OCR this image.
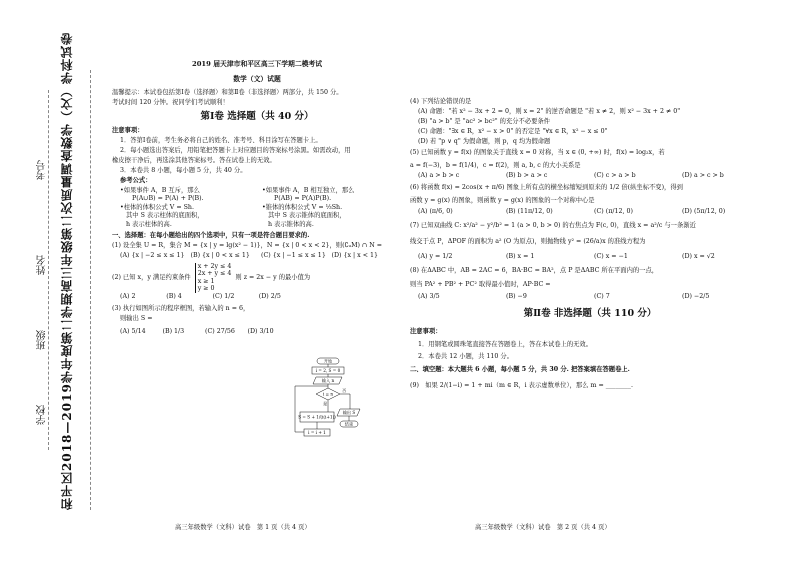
和平区2018—2019学年度第二学期高三年级第二次质量调查数学（文）学科试卷
学校
班级
姓名
考号
2019 届天津市和平区高三下学期二模考试
数学（文）试题

温馨提示：本试卷包括第Ⅰ卷（选择题）和第Ⅱ卷（非选择题）两部分，共 150 分。

考试时间 120 分钟。祝同学们考试顺利！

第Ⅰ卷 选择题（共 40 分）

注意事项：

1．答第Ⅰ卷前，考生务必将自己的姓名、准考号、科目涂写在答题卡上。

2．每小题选出答案后，用铅笔把答题卡上对应题目的答案标号涂黑。如需改动，用

橡皮擦干净后，再选涂其他答案标号。答在试卷上的无效。

3．本卷共 8 小题，每小题 5 分，共 40 分。

参考公式：

•如果事件 A，B 互斥，那么	•如果事件 A，B 相互独立，那么
P(A∪B) = P(A) + P(B).	P(AB) = P(A)P(B).
•柱体的体积公式 V = Sh.	•锥体的体积公式 V = ⅓Sh.
其中 S 表示柱体的底面积，	其中 S 表示锥体的底面积，
h 表示柱体的高.	h 表示锥体的高.

一、选择题：在每小题给出的四个选项中，只有一项是符合题目要求的.

(1) 设全集 U = R，集合 M = {x | y = lg(x² − 1)}，N = {x | 0 < x < 2}，则(∁ᵤM) ∩ N =

(A) {x | −2 ≤ x ≤ 1} (B) {x | 0 < x ≤ 1}	(C) {x | −1 ≤ x ≤ 1} (D) {x | x < 1}
(2) 已知 x，y 满足约束条件
x + 2y ≤ 4
2x + y ≤ 4
x ≥ 1
y ≥ 0
则 z = 2x − y 的最小值为
(A) 2	(B) 4	(C) 1/2	(D) 2/5

(3) 执行如图所示的程序框图，若输入的 n = 6，

则输出 S =

(A) 5/14	(B) 1/3	(C) 27/56	(D) 3/10
开始
i = 2, S = 0
输入 n
i ≤ n
是
否
S = S + 1/(i(i+1))
输出 S
结束
i = i + 1

(4) 下列结论错误的是

(A) 命题："若 x² − 3x + 2 = 0，则 x = 2" 的逆否命题是 "若 x ≠ 2，则 x² − 3x + 2 ≠ 0"

(B) "a > b" 是 "ac² > bc²" 的充分不必要条件

(C) 命题："∃x ∈ R，x² − x > 0" 的否定是 "∀x ∈ R，x² − x ≤ 0"

(D) 若 "p ∨ q" 为假命题，则 p，q 均为假命题

(5) 已知函数 y = f(x) 的图象关于直线 x = 0 对称，当 x ∈ (0, +∞) 时，f(x) = log₂x，若

a = f(−3)，b = f(1/4)，c = f(2)，则 a, b, c 的大小关系是

(A) a > b > c	(B) b > a > c	(C) c > a > b	(D) a > c > b

(6) 将函数 f(x) = 2cos(x + π/6) 图象上所有点的横坐标缩短到原来的 1/2 倍(纵坐标不变)，得到

函数 y = g(x) 的图象，则函数 y = g(x) 的图象的一个对称中心是

(A) (π/6, 0)	(B) (11π/12, 0)	(C) (π/12, 0)	(D) (5π/12, 0)

(7) 已知双曲线 C: x²/a² − y²/b² = 1 (a > 0, b > 0) 的右焦点为 F(c, 0)，直线 x = a²/c 与一条渐近

线交于点 P，ΔPOF 的面积为 a² (O 为原点)，则抛物线 y² = (26/a)x 的准线方程为

(A) y = 1/2	(B) x = 1	(C) x = −1	(D) x = √2

(8) 在ΔABC 中，AB = 2AC = 6，BA·BC = BA²，点 P 是ΔABC 所在平面内的一点，

则当 PA² + PB² + PC² 取得最小值时，AP·BC =

(A) 3/5	(B) −9	(C) 7	(D) −2/5
第Ⅱ卷 非选择题（共 110 分）

注意事项：

1．用钢笔或圆珠笔直接答在答题卷上，答在本试卷上的无效。

2．本卷共 12 小题，共 110 分。

二、填空题：本大题共 6 小题，每小题 5 分，共 30 分. 把答案填在答题卷上.

(9)　如果 2/(1−i) = 1 + mi（m ∈ R，i 表示虚数单位），那么 m = ________.

高三年级数学（文科）试卷　第 1 页（共 4 页）	高三年级数学（文科）试卷　第 2 页（共 4 页）
